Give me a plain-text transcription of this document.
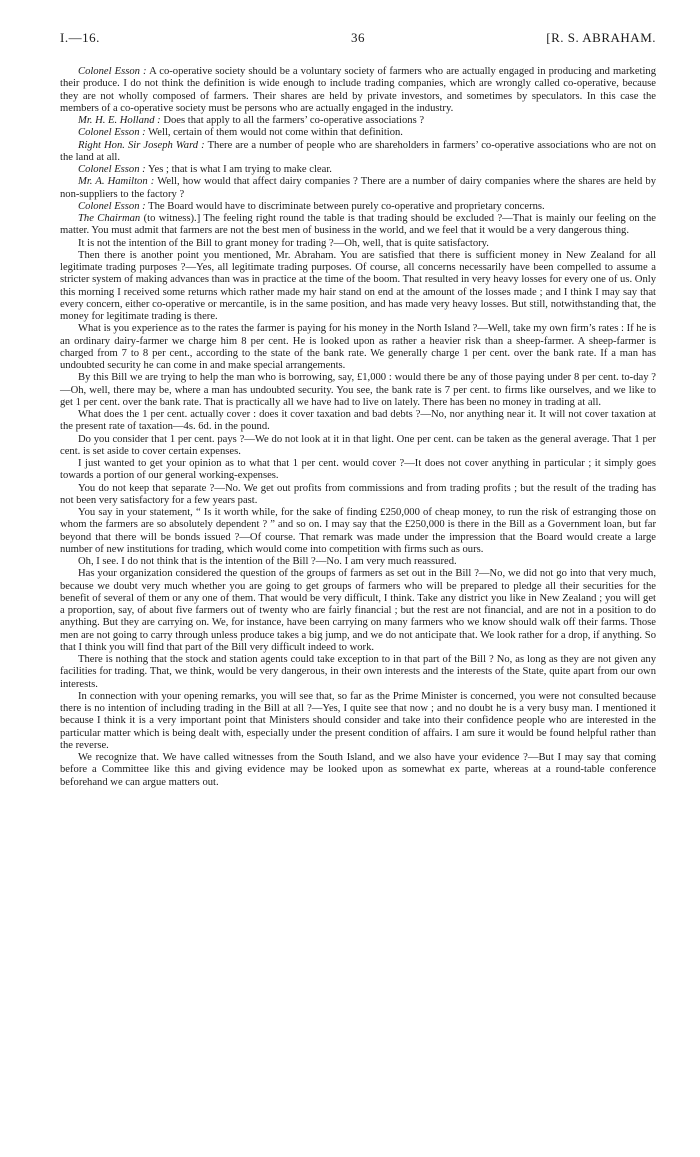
I.—16.	36	[R. S. ABRAHAM.

Colonel Esson : A co-operative society should be a voluntary society of farmers who are actually engaged in producing and marketing their produce. I do not think the definition is wide enough to include trading companies, which are wrongly called co-operative, because they are not wholly composed of farmers. Their shares are held by private investors, and sometimes by speculators. In this case the members of a co-operative society must be persons who are actually engaged in the industry.

Mr. H. E. Holland : Does that apply to all the farmers’ co-operative associations ?

Colonel Esson : Well, certain of them would not come within that definition.

Right Hon. Sir Joseph Ward : There are a number of people who are shareholders in farmers’ co-operative associations who are not on the land at all.

Colonel Esson : Yes ; that is what I am trying to make clear.

Mr. A. Hamilton : Well, how would that affect dairy companies ? There are a number of dairy companies where the shares are held by non-suppliers to the factory ?

Colonel Esson : The Board would have to discriminate between purely co-operative and proprietary concerns.

The Chairman (to witness).] The feeling right round the table is that trading should be excluded ?—That is mainly our feeling on the matter. You must admit that farmers are not the best men of business in the world, and we feel that it would be a very dangerous thing.

It is not the intention of the Bill to grant money for trading ?—Oh, well, that is quite satisfactory.

Then there is another point you mentioned, Mr. Abraham. You are satisfied that there is sufficient money in New Zealand for all legitimate trading purposes ?—Yes, all legitimate trading purposes. Of course, all concerns necessarily have been compelled to assume a stricter system of making advances than was in practice at the time of the boom. That resulted in very heavy losses for every one of us. Only this morning I received some returns which rather made my hair stand on end at the amount of the losses made ; and I think I may say that every concern, either co-operative or mercantile, is in the same position, and has made very heavy losses. But still, notwithstanding that, the money for legitimate trading is there.

What is you experience as to the rates the farmer is paying for his money in the North Island ?—Well, take my own firm’s rates : If he is an ordinary dairy-farmer we charge him 8 per cent. He is looked upon as rather a heavier risk than a sheep-farmer. A sheep-farmer is charged from 7 to 8 per cent., according to the state of the bank rate. We generally charge 1 per cent. over the bank rate. If a man has undoubted security he can come in and make special arrangements.

By this Bill we are trying to help the man who is borrowing, say, £1,000 : would there be any of those paying under 8 per cent. to-day ?—Oh, well, there may be, where a man has undoubted security. You see, the bank rate is 7 per cent. to firms like ourselves, and we like to get 1 per cent. over the bank rate. That is practically all we have had to live on lately. There has been no money in trading at all.

What does the 1 per cent. actually cover : does it cover taxation and bad debts ?—No, nor anything near it. It will not cover taxation at the present rate of taxation—4s. 6d. in the pound.

Do you consider that 1 per cent. pays ?—We do not look at it in that light. One per cent. can be taken as the general average. That 1 per cent. is set aside to cover certain expenses.

I just wanted to get your opinion as to what that 1 per cent. would cover ?—It does not cover anything in particular ; it simply goes towards a portion of our general working-expenses.

You do not keep that separate ?—No. We get out profits from commissions and from trading profits ; but the result of the trading has not been very satisfactory for a few years past.

You say in your statement, “ Is it worth while, for the sake of finding £250,000 of cheap money, to run the risk of estranging those on whom the farmers are so absolutely dependent ? ” and so on. I may say that the £250,000 is there in the Bill as a Government loan, but far beyond that there will be bonds issued ?—Of course. That remark was made under the impression that the Board would create a large number of new institutions for trading, which would come into competition with firms such as ours.

Oh, I see. I do not think that is the intention of the Bill ?—No. I am very much reassured.

Has your organization considered the question of the groups of farmers as set out in the Bill ?—No, we did not go into that very much, because we doubt very much whether you are going to get groups of farmers who will be prepared to pledge all their securities for the benefit of several of them or any one of them. That would be very difficult, I think. Take any district you like in New Zealand ; you will get a proportion, say, of about five farmers out of twenty who are fairly financial ; but the rest are not financial, and are not in a position to do anything. But they are carrying on. We, for instance, have been carrying on many farmers who we know should walk off their farms. Those men are not going to carry through unless produce takes a big jump, and we do not anticipate that. We look rather for a drop, if anything. So that I think you will find that part of the Bill very difficult indeed to work.

There is nothing that the stock and station agents could take exception to in that part of the Bill ? No, as long as they are not given any facilities for trading. That, we think, would be very dangerous, in their own interests and the interests of the State, quite apart from our own interests.

In connection with your opening remarks, you will see that, so far as the Prime Minister is concerned, you were not consulted because there is no intention of including trading in the Bill at all ?—Yes, I quite see that now ; and no doubt he is a very busy man. I mentioned it because I think it is a very important point that Ministers should consider and take into their confidence people who are interested in the particular matter which is being dealt with, especially under the present condition of affairs. I am sure it would be found helpful rather than the reverse.

We recognize that. We have called witnesses from the South Island, and we also have your evidence ?—But I may say that coming before a Committee like this and giving evidence may be looked upon as somewhat ex parte, whereas at a round-table conference beforehand we can argue matters out.
